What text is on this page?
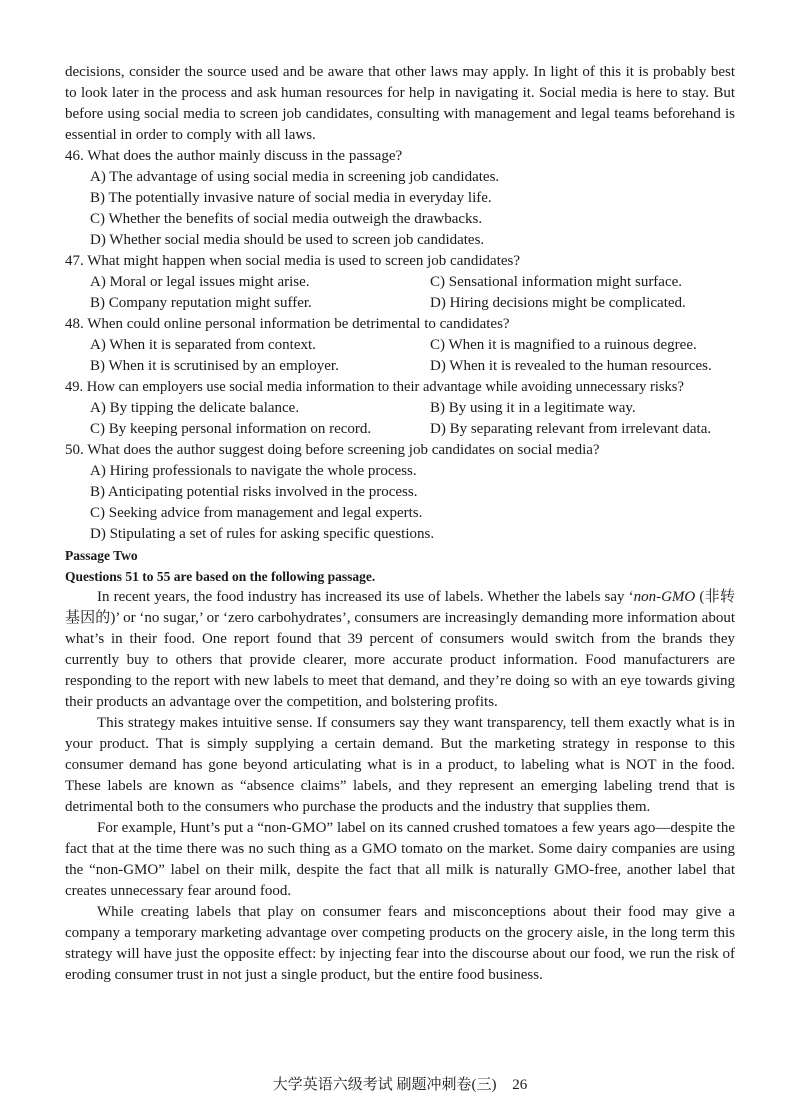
decisions, consider the source used and be aware that other laws may apply. In light of this it is probably best to look later in the process and ask human resources for help in navigating it. Social media is here to stay. But before using social media to screen job candidates, consulting with management and legal teams beforehand is essential in order to comply with all laws.

46. What does the author mainly discuss in the passage?

A) The advantage of using social media in screening job candidates.

B) The potentially invasive nature of social media in everyday life.

C) Whether the benefits of social media outweigh the drawbacks.

D) Whether social media should be used to screen job candidates.

47. What might happen when social media is used to screen job candidates?

A) Moral or legal issues might arise.	C) Sensational information might surface.
B) Company reputation might suffer.	D) Hiring decisions might be complicated.

48. When could online personal information be detrimental to candidates?

A) When it is separated from context.	C) When it is magnified to a ruinous degree.
B) When it is scrutinised by an employer.	D) When it is revealed to the human resources.

49. How can employers use social media information to their advantage while avoiding unnecessary risks?

A) By tipping the delicate balance.	B) By using it in a legitimate way.
C) By keeping personal information on record.	D) By separating relevant from irrelevant data.

50. What does the author suggest doing before screening job candidates on social media?

A) Hiring professionals to navigate the whole process.

B) Anticipating potential risks involved in the process.

C) Seeking advice from management and legal experts.

D) Stipulating a set of rules for asking specific questions.

Passage Two

Questions 51 to 55 are based on the following passage.

In recent years, the food industry has increased its use of labels. Whether the labels say ‘non-GMO (非转基因的)’ or ‘no sugar,’ or ‘zero carbohydrates’, consumers are increasingly demanding more information about what’s in their food. One report found that 39 percent of consumers would switch from the brands they currently buy to others that provide clearer, more accurate product information. Food manufacturers are responding to the report with new labels to meet that demand, and they’re doing so with an eye towards giving their products an advantage over the competition, and bolstering profits.

This strategy makes intuitive sense. If consumers say they want transparency, tell them exactly what is in your product. That is simply supplying a certain demand. But the marketing strategy in response to this consumer demand has gone beyond articulating what is in a product, to labeling what is NOT in the food. These labels are known as “absence claims” labels, and they represent an emerging labeling trend that is detrimental both to the consumers who purchase the products and the industry that supplies them.

For example, Hunt’s put a “non-GMO” label on its canned crushed tomatoes a few years ago—despite the fact that at the time there was no such thing as a GMO tomato on the market. Some dairy companies are using the “non-GMO” label on their milk, despite the fact that all milk is naturally GMO-free, another label that creates unnecessary fear around food.

While creating labels that play on consumer fears and misconceptions about their food may give a company a temporary marketing advantage over competing products on the grocery aisle, in the long term this strategy will have just the opposite effect: by injecting fear into the discourse about our food, we run the risk of eroding consumer trust in not just a single product, but the entire food business.

大学英语六级考试 刷题冲刺卷(三) 26
